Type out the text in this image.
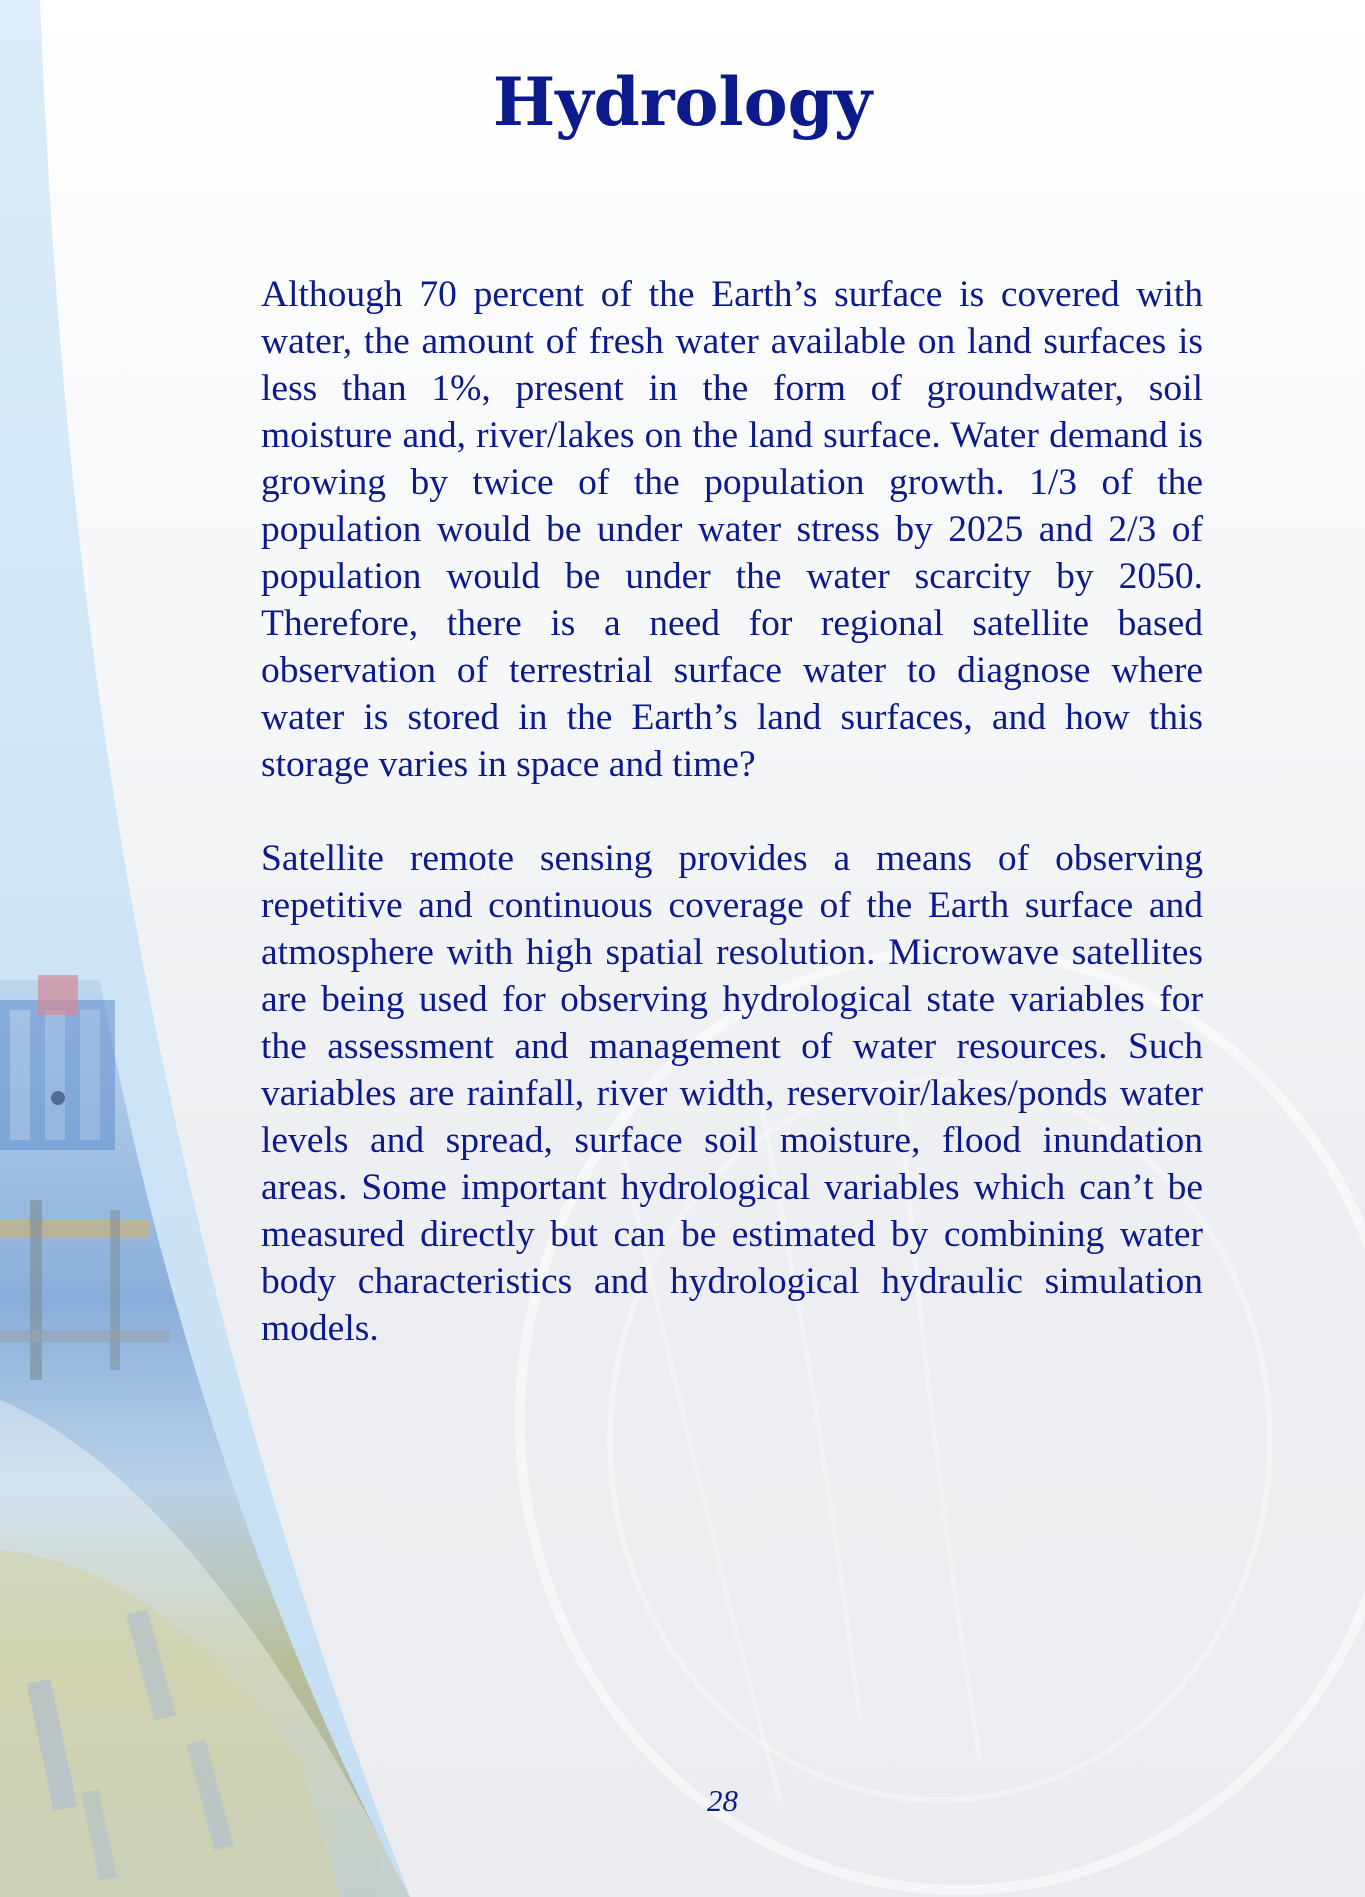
Hydrology

Although 70 percent of the Earth’s surface is covered with water, the amount of fresh water available on land surfaces is less than 1%, present in the form of groundwater, soil moisture and, river/lakes on the land surface. Water demand is growing by twice of the population growth. 1/3 of the population would be under water stress by 2025 and 2/3 of population would be under the water scarcity by 2050. Therefore, there is a need for regional satellite based observation of terrestrial surface water to diagnose where water is stored in the Earth’s land surfaces, and how this storage varies in space and time?

Satellite remote sensing provides a means of observing repetitive and continuous coverage of the Earth surface and atmosphere with high spatial resolution. Microwave satellites are being used for observing hydrological state variables for the assessment and management of water resources. Such variables are rainfall, river width, reservoir/lakes/ponds water levels and spread, surface soil moisture, flood inundation areas. Some important hydrological variables which can’t be measured directly but can be estimated by combining water body characteristics and hydrological hydraulic simulation models.

28
